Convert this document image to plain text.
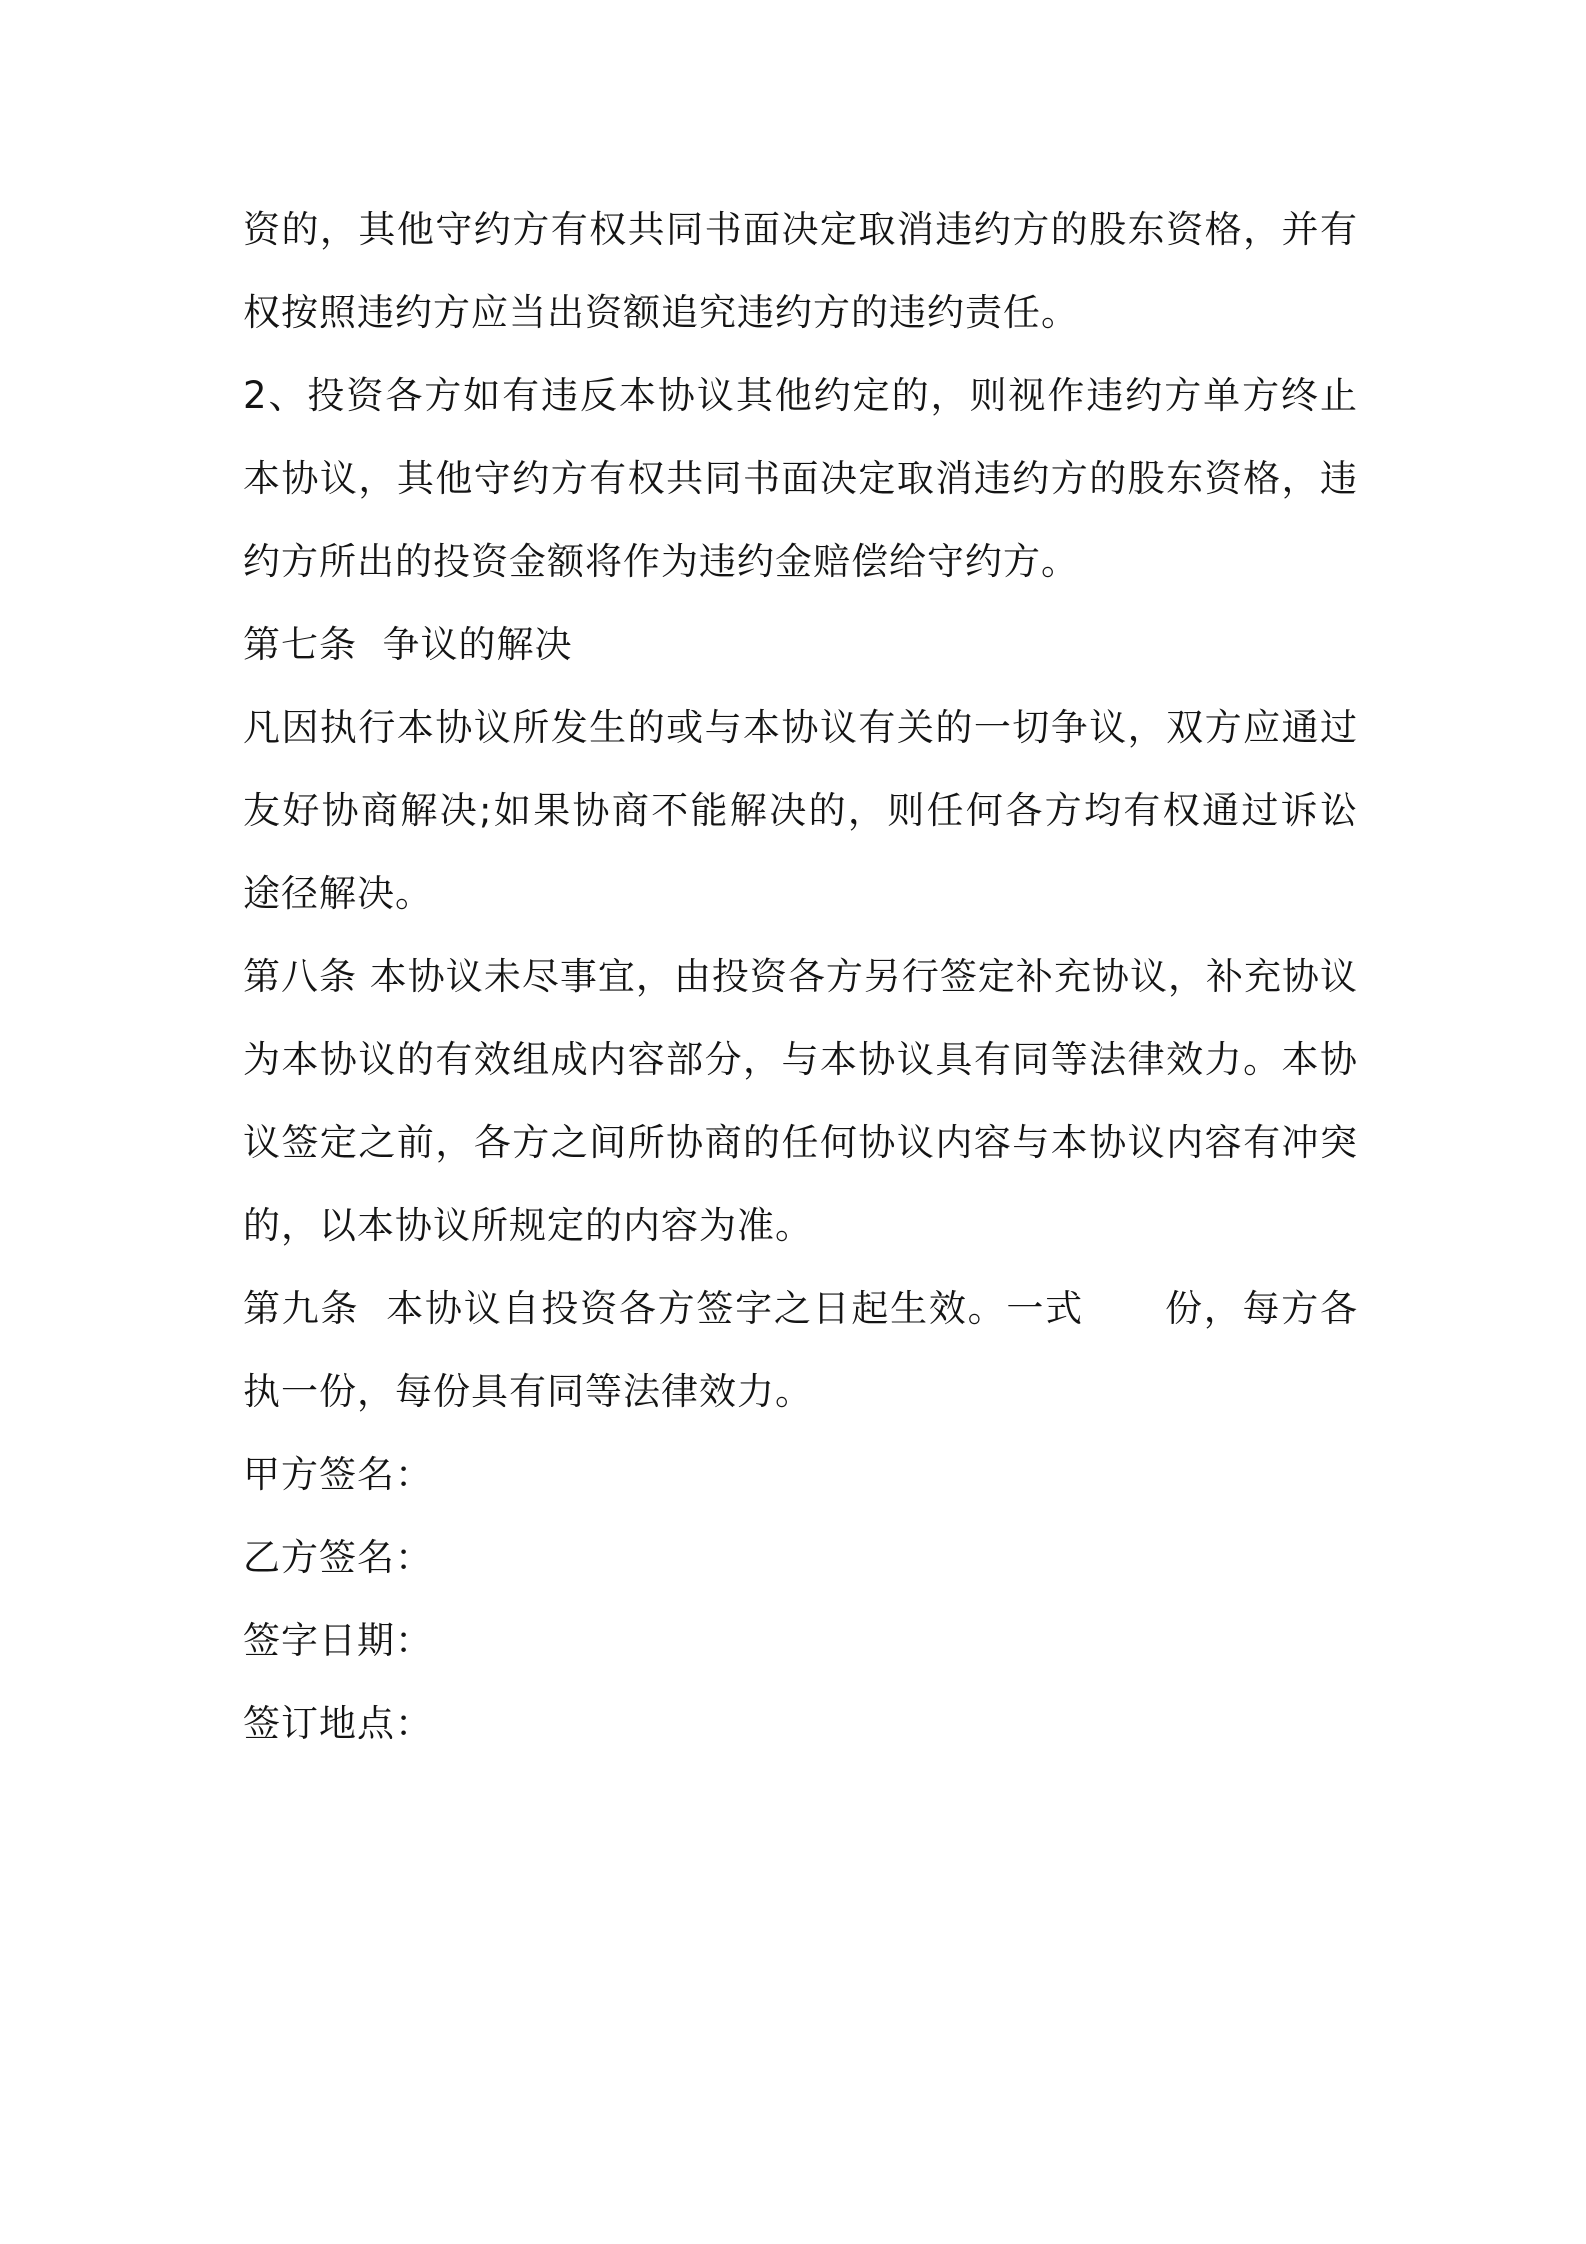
资的，其他守约方有权共同书面决定取消违约方的股东资格，并有权按照违约方应当出资额追究违约方的违约责任。

2、投资各方如有违反本协议其他约定的，则视作违约方单方终止本协议，其他守约方有权共同书面决定取消违约方的股东资格，违约方所出的投资金额将作为违约金赔偿给守约方。

第七条  争议的解决

凡因执行本协议所发生的或与本协议有关的一切争议，双方应通过友好协商解决;如果协商不能解决的，则任何各方均有权通过诉讼途径解决。

第八条 本协议未尽事宜，由投资各方另行签定补充协议，补充协议为本协议的有效组成内容部分，与本协议具有同等法律效力。本协议签定之前，各方之间所协商的任何协议内容与本协议内容有冲突的，以本协议所规定的内容为准。

第九条  本协议自投资各方签字之日起生效。一式      份，每方各执一份，每份具有同等法律效力。

甲方签名：

乙方签名：

签字日期：

签订地点：
